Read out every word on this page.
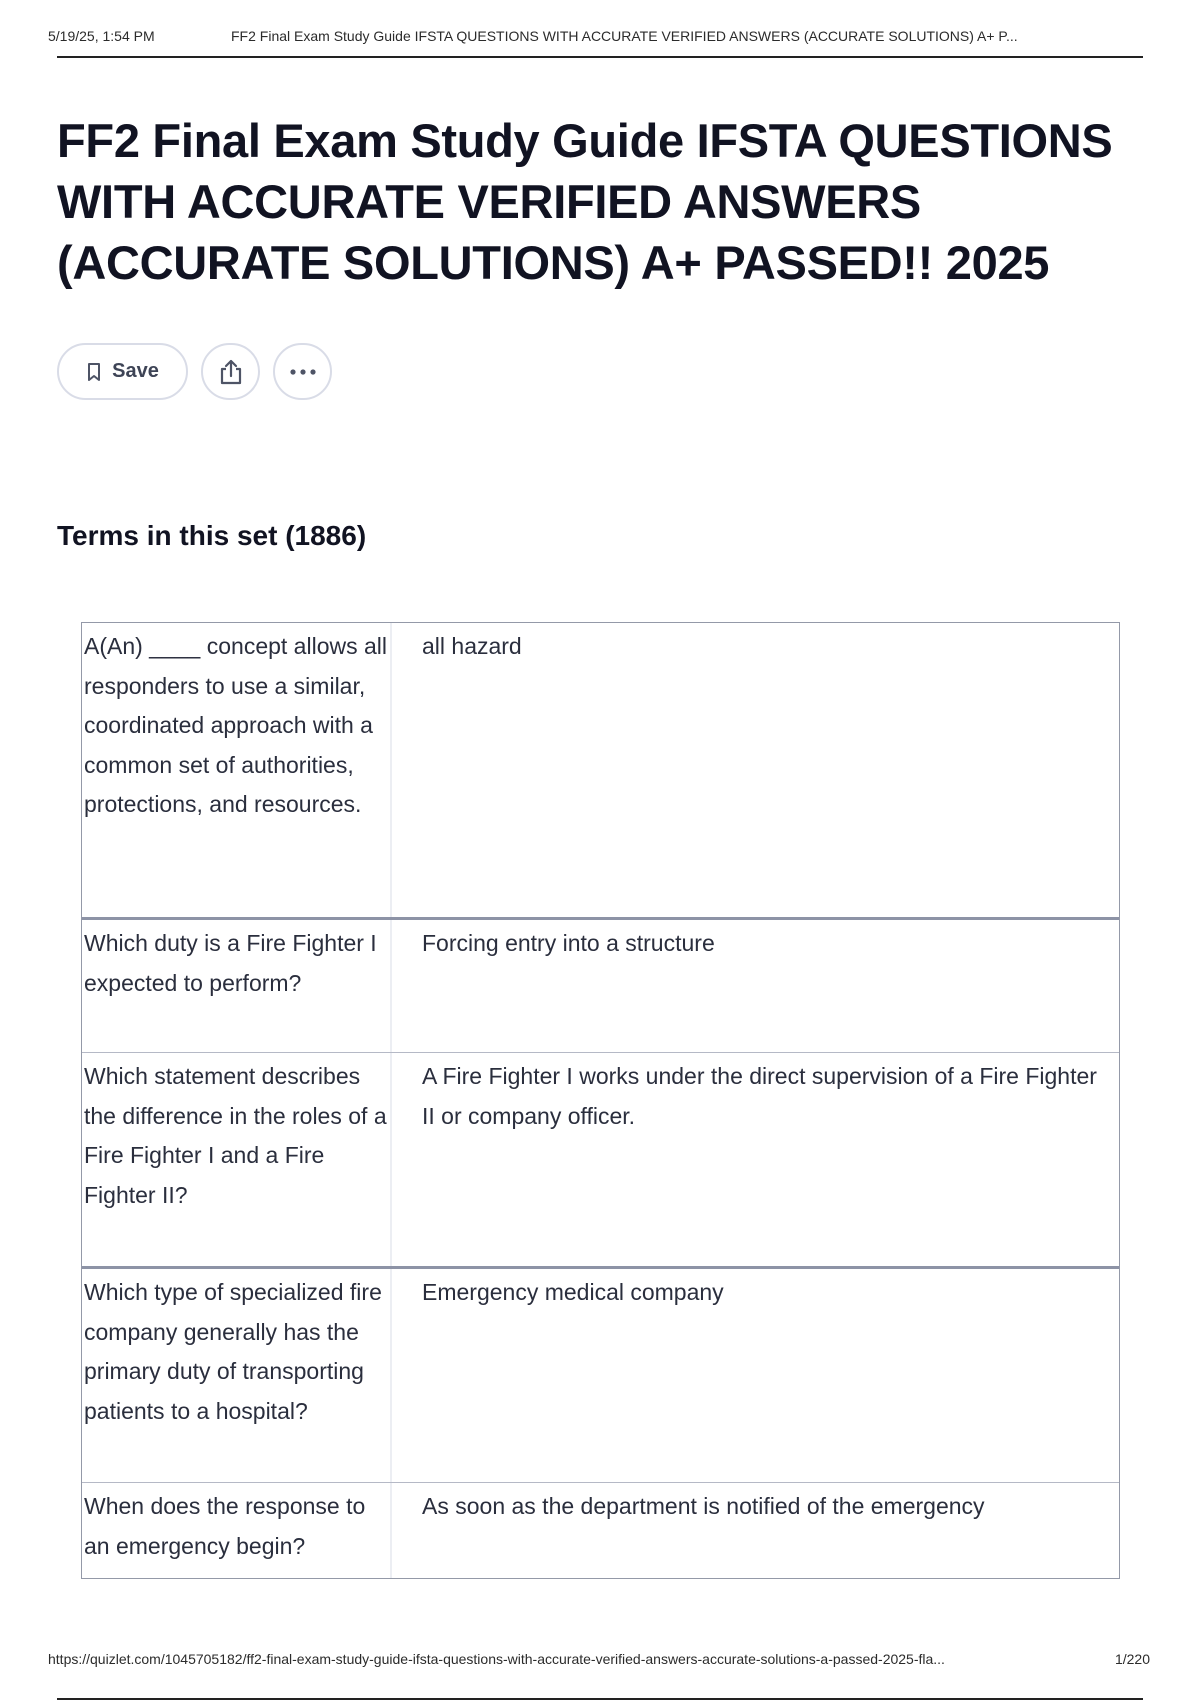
5/19/25, 1:54 PM	FF2 Final Exam Study Guide IFSTA QUESTIONS WITH ACCURATE VERIFIED ANSWERS (ACCURATE SOLUTIONS) A+ P...
FF2 Final Exam Study Guide IFSTA QUESTIONS WITH ACCURATE VERIFIED ANSWERS (ACCURATE SOLUTIONS) A+ PASSED!! 2025
Save
Terms in this set (1886)
A(An) ____ concept allows all responders to use a similar, coordinated approach with a common set of authorities, protections, and resources.
all hazard
Which duty is a Fire Fighter I expected to perform?
Forcing entry into a structure
Which statement describes the difference in the roles of a Fire Fighter I and a Fire Fighter II?
A Fire Fighter I works under the direct supervision of a Fire Fighter II or company officer.
Which type of specialized fire company generally has the primary duty of transporting patients to a hospital?
Emergency medical company
When does the response to an emergency begin?
As soon as the department is notified of the emergency
https://quizlet.com/1045705182/ff2-final-exam-study-guide-ifsta-questions-with-accurate-verified-answers-accurate-solutions-a-passed-2025-fla...	1/220
